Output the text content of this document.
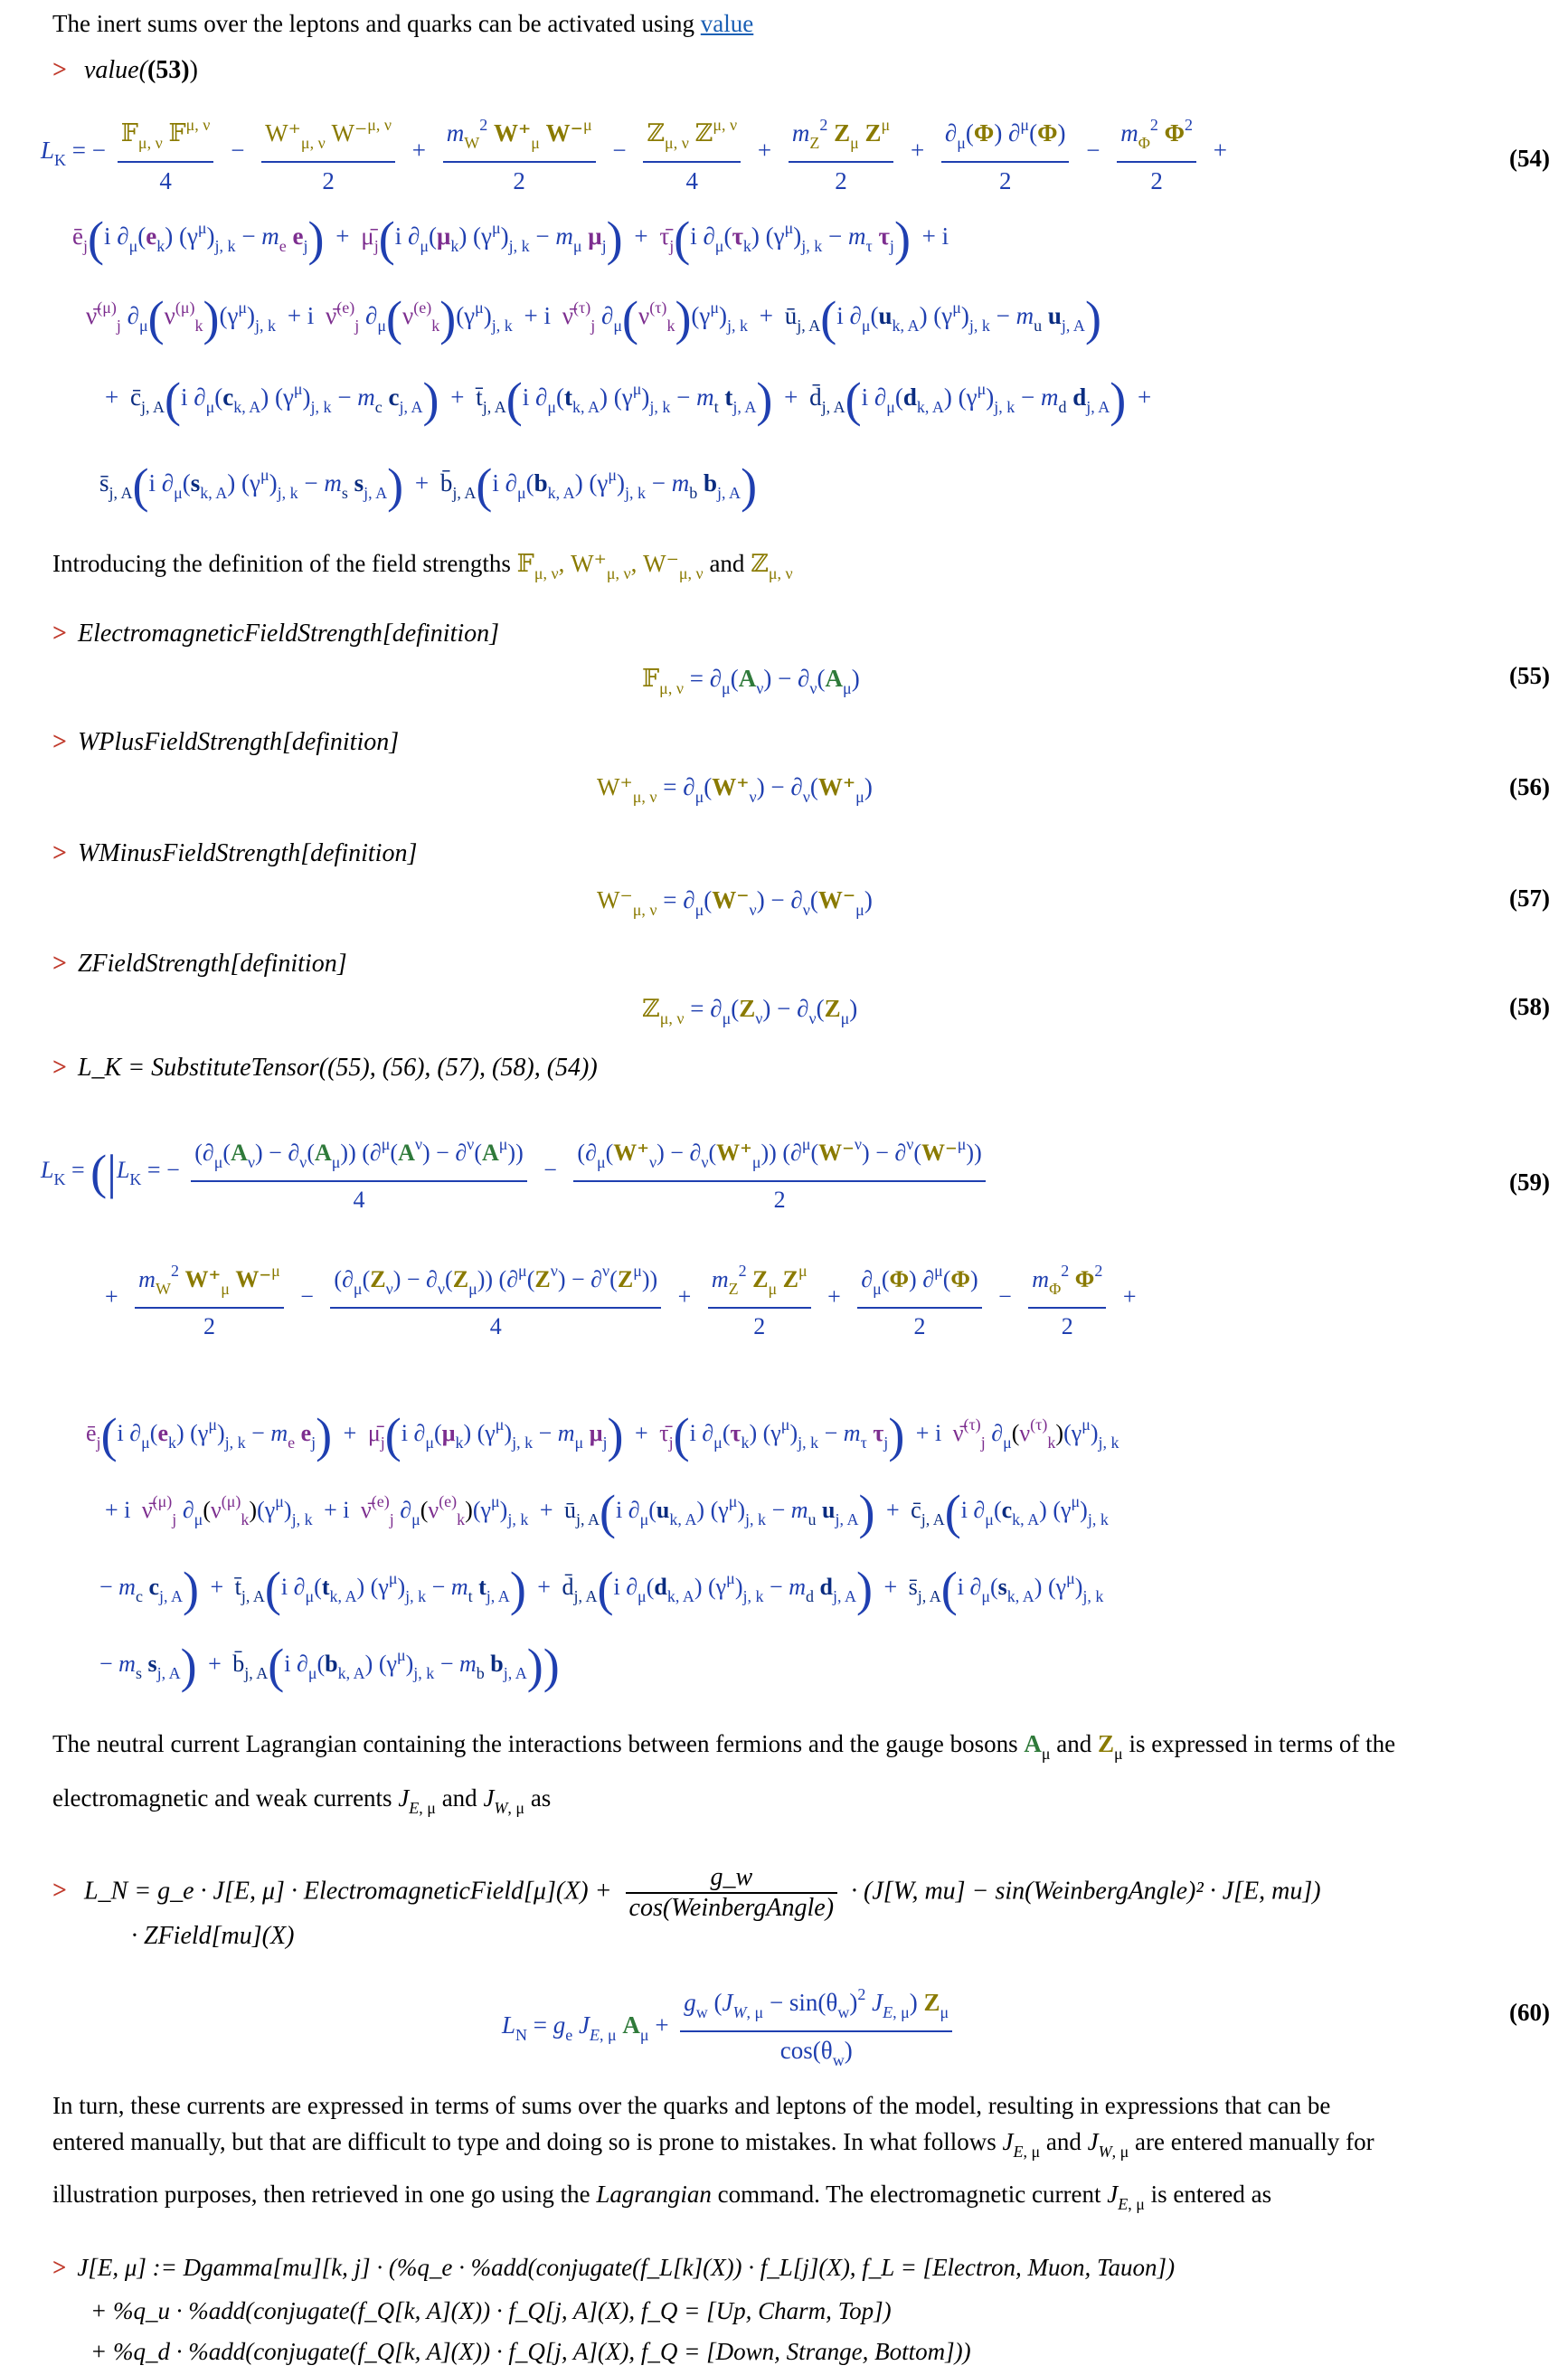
The inert sums over the leptons and quarks can be activated using value
> value((53))
$L_K$ = − $\frac{𝔽_{\mu, \nu} 𝔽^{\mu, \nu}}{4} - \frac{W^+_{\mu, \nu} W^-^{\mu, \nu}}{2} + \frac{m_W^2 W^+_\mu W^-^\mu}{2} - \frac{ℤ_{\mu, \nu} ℤ^{\mu, \nu}}{4} + \frac{m_Z^2 Z_\mu Z^\mu}{2} + \frac{\partial_\mu(\Phi) \partial^\mu(\Phi)}{2} - \frac{m_\Phi^2 \Phi^2}{2}$ +	(54)
$ē_j(i$ $\partial_\mu(e_k) (\gamma^\mu)_{j, k} - m_e$ $e_j$) + $\mū_j(i$ $\partial_\mu(\mu_k) (\gamma^\mu)_{j, k} - m_\mu$ $\mu_j$) + $\taū_j(i$ $\partial_\mu(\tau_k) (\gamma^\mu)_{j, k} - m_\tau$ $\tau_j) + i$
ν̄$^{(\mu)}_j$ $\partial_\mu(\nu^{(\mu)}_k)(\gamma^\mu)_{j, k} + i$ ν̄$^{(e)}_j$ $\partial_\mu(\nu^{(e)}_k)(\gamma^\mu)_{j, k} + i$ ν̄$^{(\tau)}_j$ $\partial_\mu(\nu^{(\tau)}_k)(\gamma^\mu)_{j, k}$ + $ū_{j, A}(i$ $\partial_\mu(u_{k, A}) (\gamma^\mu)_{j, k} - m_u$ $u_{j, A}$)
+ $c̄_{j, A}(i$ $\partial_\mu(c_{k, A}) (\gamma^\mu)_{j, k} - m_c$ $c_{j, A}$) + $t̄_{j, A}(i$ $\partial_\mu(t_{k, A}) (\gamma^\mu)_{j, k} - m_t$ $t_{j, A}$) + $d̄_{j, A}(i$ $\partial_\mu(d_{k, A}) (\gamma^\mu)_{j, k} - m_d$ $d_{j, A}$) +
$s̄_{j, A}(i$ $\partial_\mu(s_{k, A}) (\gamma^\mu)_{j, k} - m_s$ $s_{j, A}$) + $b̄_{j, A}(i$ $\partial_\mu(b_{k, A}) (\gamma^\mu)_{j, k} - m_b$ $b_{j, A}$)
Introducing the definition of the field strengths 𝔽$_{\mu, \nu}$, $W^+_{\mu, \nu}$, $W^-_{\mu, \nu}$ and ℤ$_{\mu, \nu}$
> ElectromagneticFieldStrength[definition]
𝔽$_{\mu, \nu}$ = $\partial_\mu(A_\nu) - \partial_\nu(A_\mu)$	(55)
> WPlusFieldStrength[definition]
$W^+_{\mu, \nu} = \partial_\mu(W^+_\nu) - \partial_\nu(W^+_\mu)$	(56)
> WMinusFieldStrength[definition]
$W^-_{\mu, \nu} = \partial_\mu(W^-_\nu) - \partial_\nu(W^-_\mu)$	(57)
> ZFieldStrength[definition]
ℤ$_{\mu, \nu}$ = $\partial_\mu(Z_\nu) - \partial_\nu(Z_\mu)$	(58)
> L_K = SubstituteTensor((55), (56), (57), (58), (54))
$L_K = (|L_K$ = − $\frac{(\partial_\mu(A_\nu) - \partial_\nu(A_\mu)) (\partial^\mu(A^\nu) - \partial^\nu(A^\mu))}{4} - \frac{(\partial_\mu(W^+_\nu) - \partial_\nu(W^+_\mu)) (\partial^\mu(W^-^\nu) - \partial^\nu(W^-^\mu))}{2}$	(59)
+ $\frac{m_W^2 W^+_\mu W^-^\mu}{2} - \frac{(\partial_\mu(Z_\nu) - \partial_\nu(Z_\mu)) (\partial^\mu(Z^\nu) - \partial^\nu(Z^\mu))}{4} + \frac{m_Z^2 Z_\mu Z^\mu}{2} + \frac{\partial_\mu(\Phi) \partial^\mu(\Phi)}{2} - \frac{m_\Phi^2 \Phi^2}{2}$ +
$ē_j(i$ $\partial_\mu(e_k) (\gamma^\mu)_{j, k} - m_e$ $e_j$) + $\mū_j(i$ $\partial_\mu(\mu_k) (\gamma^\mu)_{j, k} - m_\mu$ $\mu_j$) + $\taū_j(i$ $\partial_\mu(\tau_k) (\gamma^\mu)_{j, k} - m_\tau$ $\tau_j) + i$ ν̄$^{(\tau)}_j$ $\partial_\mu(\nu^{(\tau)}_k)(\gamma^\mu)_{j, k}$
+ i ν̄$^{(\mu)}_j$ $\partial_\mu(\nu^{(\mu)}_k)(\gamma^\mu)_{j, k} + i$ ν̄$^{(e)}_j$ $\partial_\mu(\nu^{(e)}_k)(\gamma^\mu)_{j, k}$ + $ū_{j, A}(i$ $\partial_\mu(u_{k, A}) (\gamma^\mu)_{j, k} - m_u$ $u_{j, A}$) + $c̄_{j, A}(i$ $\partial_\mu(c_{k, A})$ $(\gamma^\mu)_{j, k}$
− $m_c$ $c_{j, A}$) + $t̄_{j, A}(i$ $\partial_\mu(t_{k, A}) (\gamma^\mu)_{j, k} - m_t$ $t_{j, A}$) + $d̄_{j, A}(i$ $\partial_\mu(d_{k, A}) (\gamma^\mu)_{j, k} - m_d$ $d_{j, A}$) + $s̄_{j, A}(i$ $\partial_\mu(s_{k, A})$ $(\gamma^\mu)_{j, k}$
− $m_s$ $s_{j, A}$) + $b̄_{j, A}(i$ $\partial_\mu(b_{k, A}) (\gamma^\mu)_{j, k} - m_b$ $b_{j, A}$))
The neutral current Lagrangian containing the interactions between fermions and the gauge bosons $A_\mu$ and $Z_\mu$ is expressed in terms of the
electromagnetic and weak currents $J_{E, \mu}$ and $J_{W, \mu}$ as
> L_N = g_e · J[E, μ] · ElectromagneticField[μ](X) +	g_w
cos(WeinbergAngle)
· (J[W, mu] − sin(WeinbergAngle)² · J[E, mu])
· ZField[mu](X)
$L_N = g_e$ $J_{E, \mu}$ $A_\mu + \frac{g_w (J_{W, \mu} - \sin(\theta_w)^2 J_{E, \mu}) Z_\mu}{\cos(\theta_w)}$	(60)
In turn, these currents are expressed in terms of sums over the quarks and leptons of the model, resulting in expressions that can be
entered manually, but that are difficult to type and doing so is prone to mistakes. In what follows $J_{E, \mu}$ and $J_{W, \mu}$ are entered manually for
illustration purposes, then retrieved in one go using the Lagrangian command. The electromagnetic current $J_{E, \mu}$ is entered as
> J[E, μ] := Dgamma[mu][k, j] · (%q_e · %add(conjugate(f_L[k](X)) · f_L[j](X), f_L = [Electron, Muon, Tauon])
+ %q_u · %add(conjugate(f_Q[k, A](X)) · f_Q[j, A](X), f_Q = [Up, Charm, Top])
+ %q_d · %add(conjugate(f_Q[k, A](X)) · f_Q[j, A](X), f_Q = [Down, Strange, Bottom]))
